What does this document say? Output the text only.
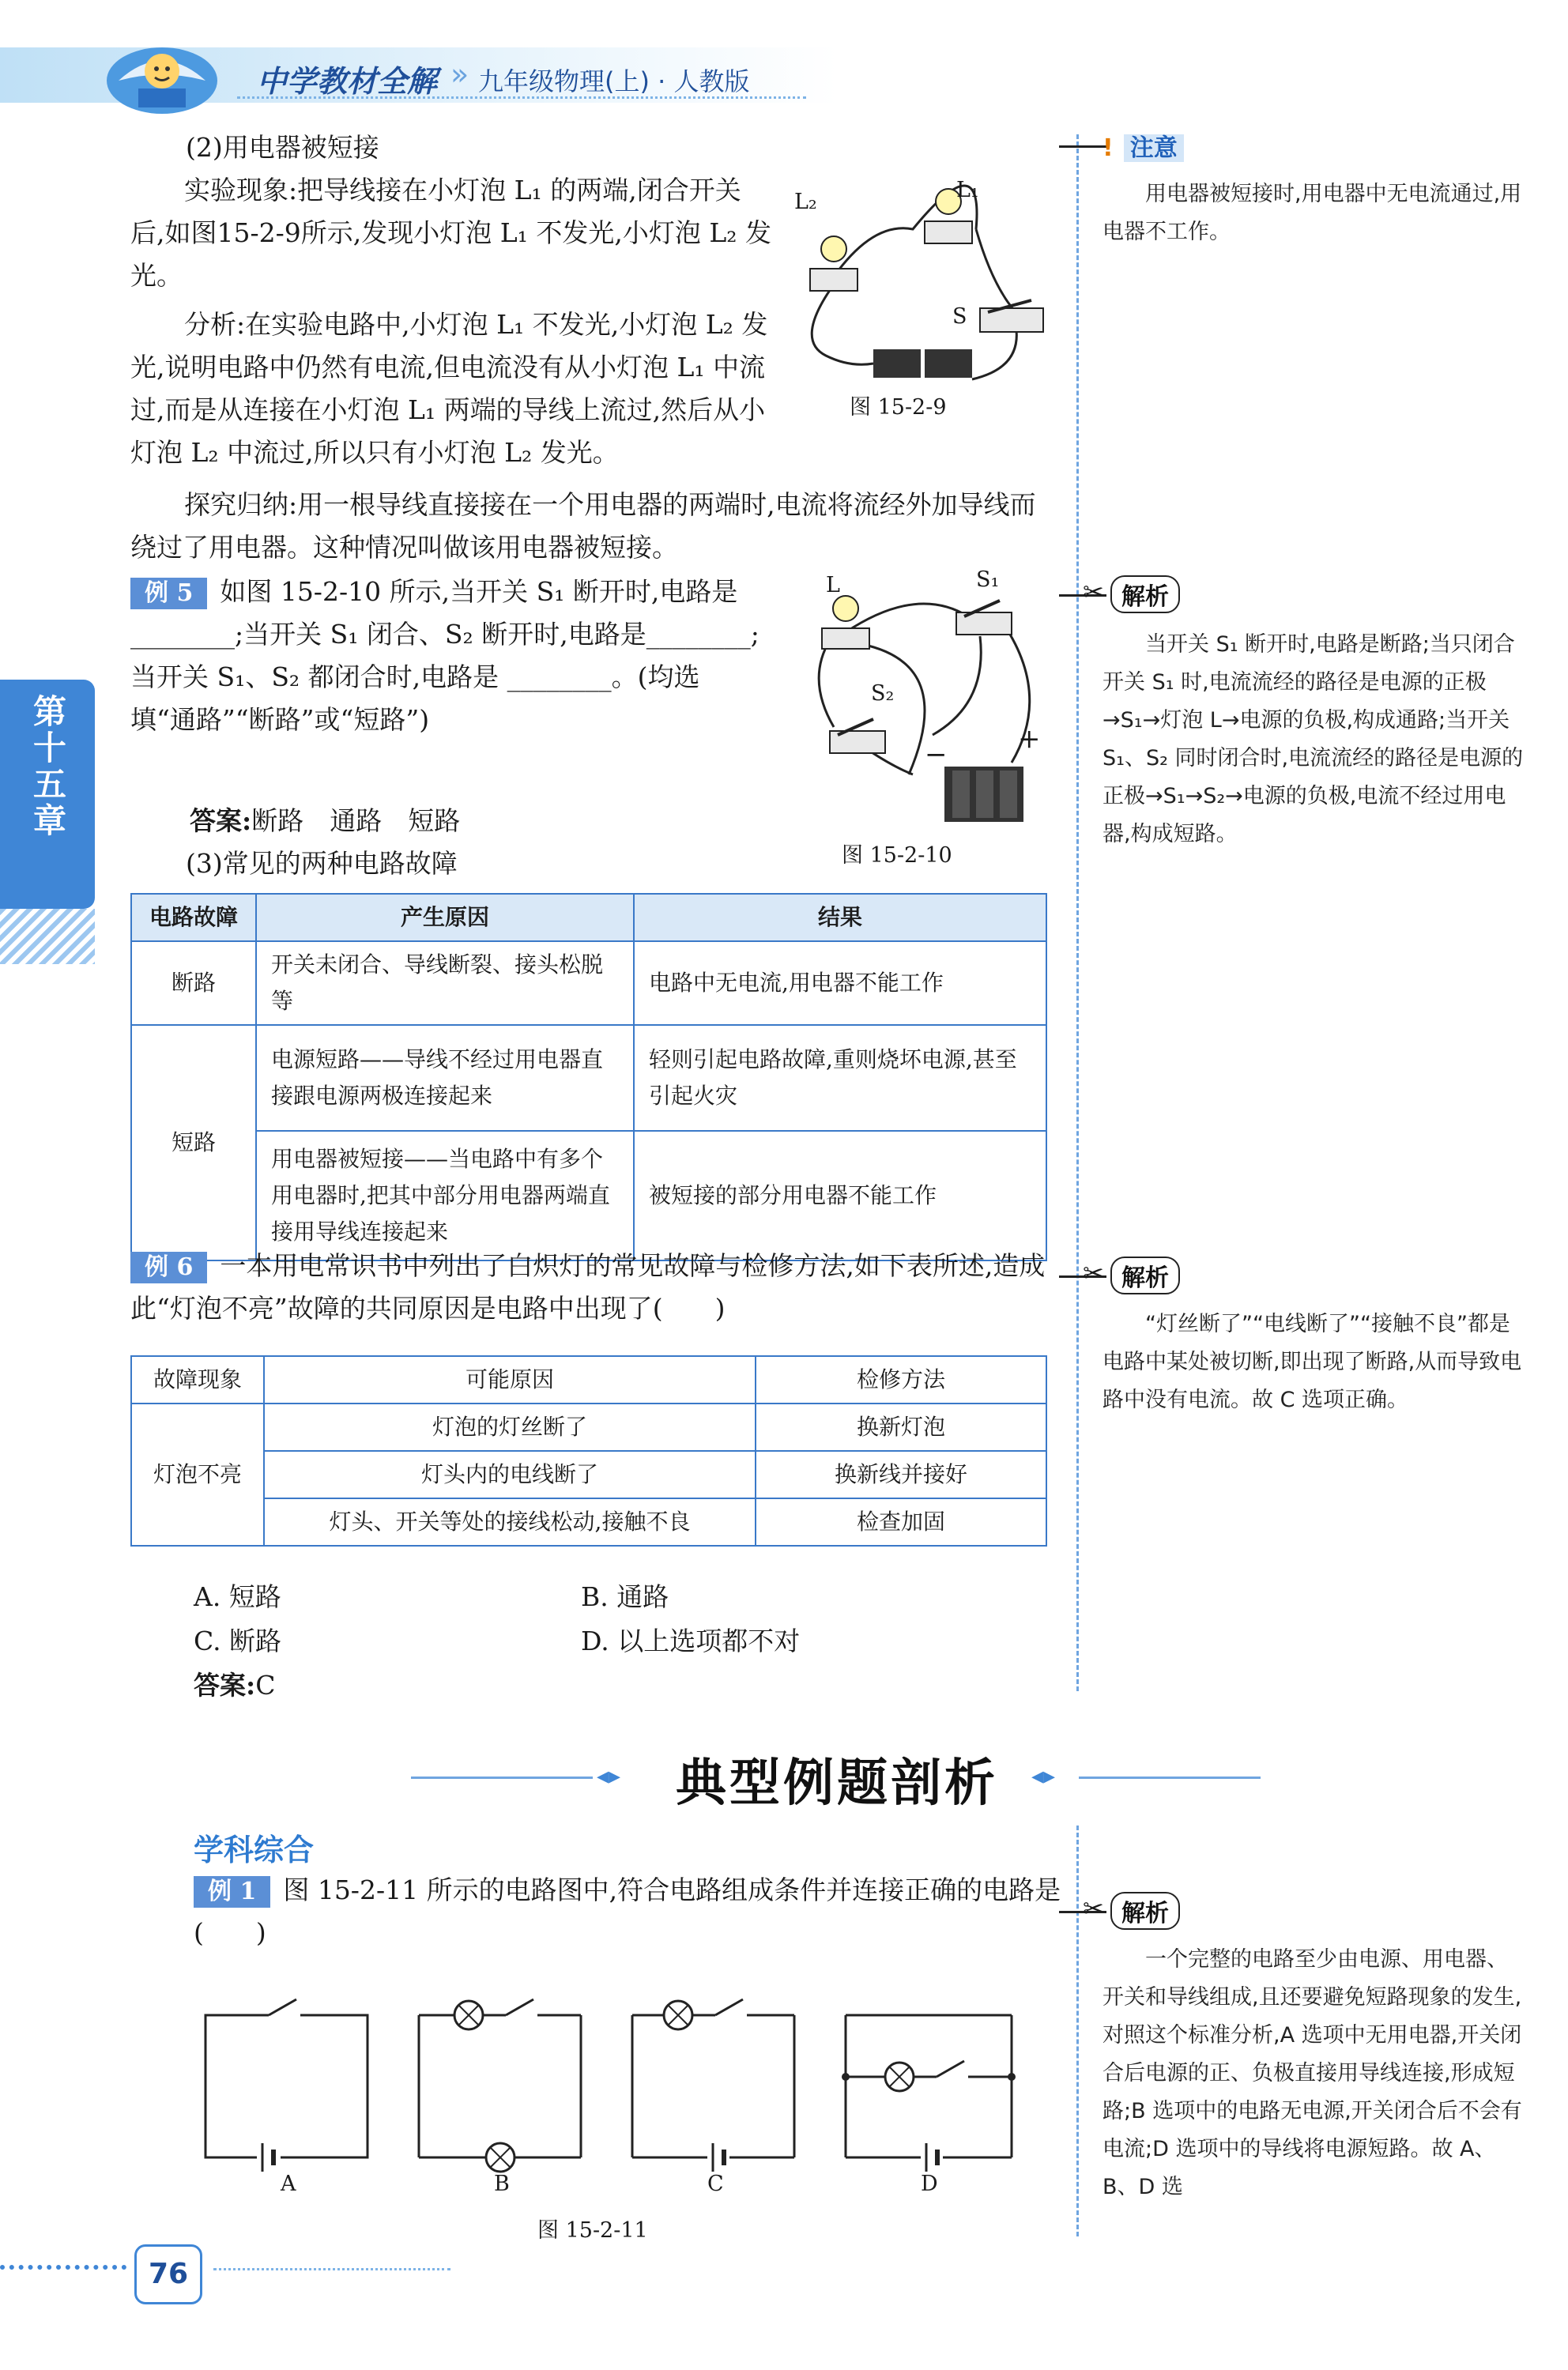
中学教材全解 » 九年级物理(上) · 人教版
第十五章
(2)用电器被短接
实验现象:把导线接在小灯泡 L₁ 的两端,闭合开关后,如图15-2-9所示,发现小灯泡 L₁ 不发光,小灯泡 L₂ 发光。
分析:在实验电路中,小灯泡 L₁ 不发光,小灯泡 L₂ 发光,说明电路中仍然有电流,但电流没有从小灯泡 L₁ 中流过,而是从连接在小灯泡 L₁ 两端的导线上流过,然后从小灯泡 L₂ 中流过,所以只有小灯泡 L₂ 发光。
探究归纳:用一根导线直接接在一个用电器的两端时,电流将流经外加导线而绕过了用电器。这种情况叫做该用电器被短接。
L₂	L₁
S
图 15-2-9
! 注意
用电器被短接时,用电器中无电流通过,用电器不工作。
例 5 如图 15-2-10 所示,当开关 S₁ 断开时,电路是________;当开关 S₁ 闭合、S₂ 断开时,电路是________;当开关 S₁、S₂ 都闭合时,电路是 ________。(均选填“通路”“断路”或“短路”)
答案:断路　通路　短路
L	S₁
S₂
−	+
图 15-2-10
✂ 解析
当开关 S₁ 断开时,电路是断路;当只闭合开关 S₁ 时,电流流经的路径是电源的正极→S₁→灯泡 L→电源的负极,构成通路;当开关 S₁、S₂ 同时闭合时,电流流经的路径是电源的正极→S₁→S₂→电源的负极,电流不经过用电器,构成短路。
(3)常见的两种电路故障
电路故障	产生原因	结果
断路	开关未闭合、导线断裂、接头松脱等	电路中无电流,用电器不能工作
短路	电源短路——导线不经过用电器直接跟电源两极连接起来	轻则引起电路故障,重则烧坏电源,甚至引起火灾
	用电器被短接——当电路中有多个用电器时,把其中部分用电器两端直接用导线连接起来	被短接的部分用电器不能工作
例 6 一本用电常识书中列出了白炽灯的常见故障与检修方法,如下表所述,造成此“灯泡不亮”故障的共同原因是电路中出现了(　　)
故障现象	可能原因	检修方法
灯泡不亮	灯泡的灯丝断了	换新灯泡
	灯头内的电线断了	换新线并接好
	灯头、开关等处的接线松动,接触不良	检查加固
A. 短路	B. 通路
C. 断路	D. 以上选项都不对
答案:C
✂ 解析
“灯丝断了”“电线断了”“接触不良”都是电路中某处被切断,即出现了断路,从而导致电路中没有电流。故 C 选项正确。
◂▸ 典型例题剖析 ◂▸
学科综合
例 1 图 15-2-11 所示的电路图中,符合电路组成条件并连接正确的电路是(　　)
A	B	C	D
图 15-2-11
✂ 解析
一个完整的电路至少由电源、用电器、开关和导线组成,且还要避免短路现象的发生,对照这个标准分析,A 选项中无用电器,开关闭合后电源的正、负极直接用导线连接,形成短路;B 选项中的电路无电源,开关闭合后不会有电流;D 选项中的导线将电源短路。故 A、B、D 选
76
